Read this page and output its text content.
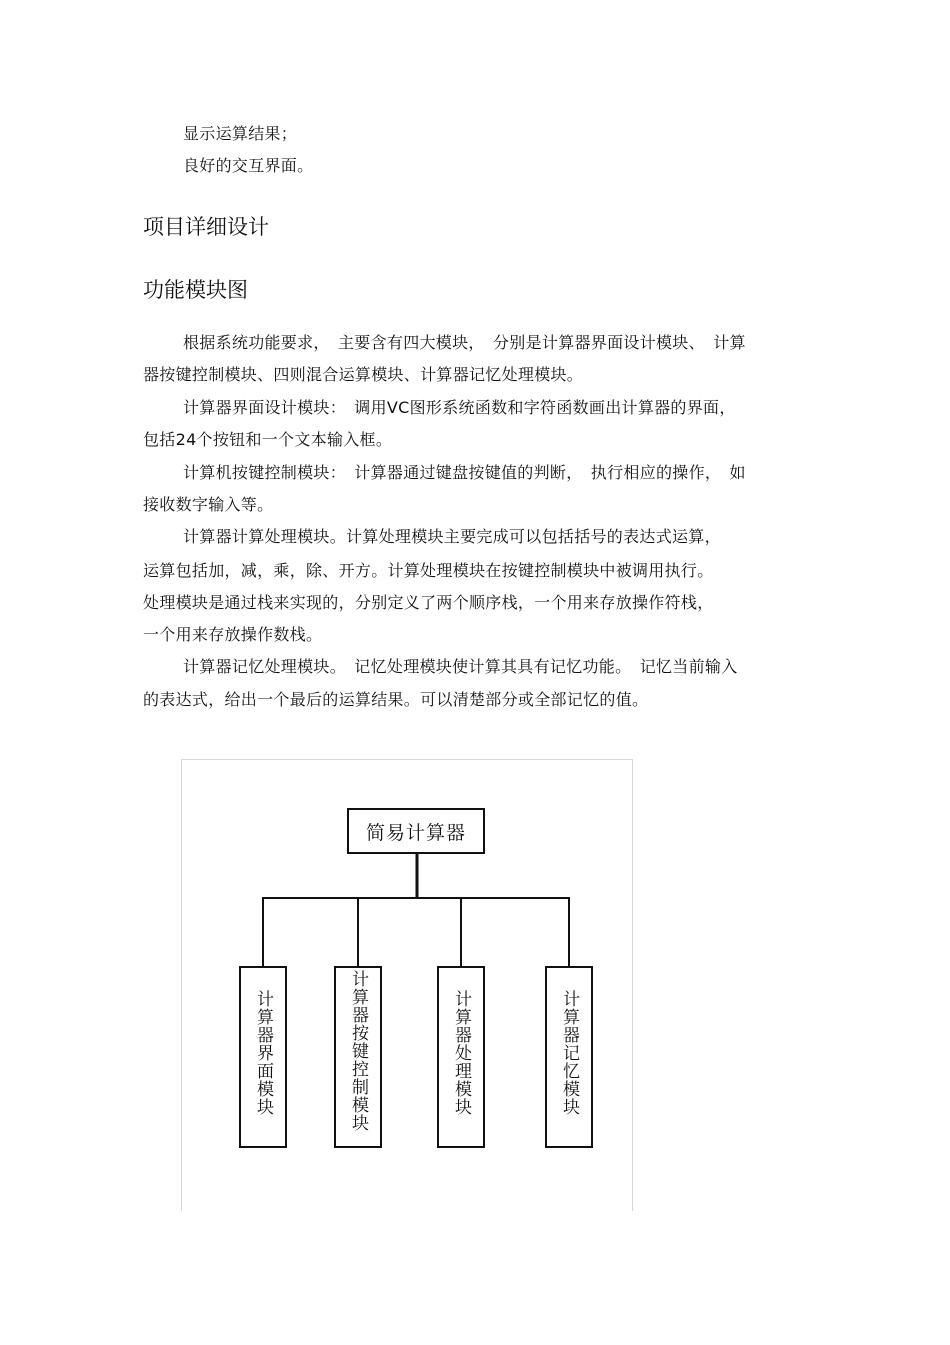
显示运算结果；
良好的交互界面。
项目详细设计
功能模块图
根据系统功能要求，　主要含有四大模块，　分别是计算器界面设计模块、　计算
器按键控制模块、四则混合运算模块、计算器记忆处理模块。
计算器界面设计模块：　调用VC图形系统函数和字符函数画出计算器的界面，
包括24个按钮和一个文本输入框。
计算机按键控制模块：　计算器通过键盘按键值的判断，　执行相应的操作，　如
接收数字输入等。
计算器计算处理模块。计算处理模块主要完成可以包括括号的表达式运算，
运算包括加，减，乘，除、开方。计算处理模块在按键控制模块中被调用执行。
处理模块是通过栈来实现的，分别定义了两个顺序栈，一个用来存放操作符栈，
一个用来存放操作数栈。
计算器记忆处理模块。　记忆处理模块使计算其具有记忆功能。　记忆当前输入
的表达式，给出一个最后的运算结果。可以清楚部分或全部记忆的值。
简易计算器
计算器界面模块	计算器按键控制模块	计算器处理模块	计算器记忆模块
